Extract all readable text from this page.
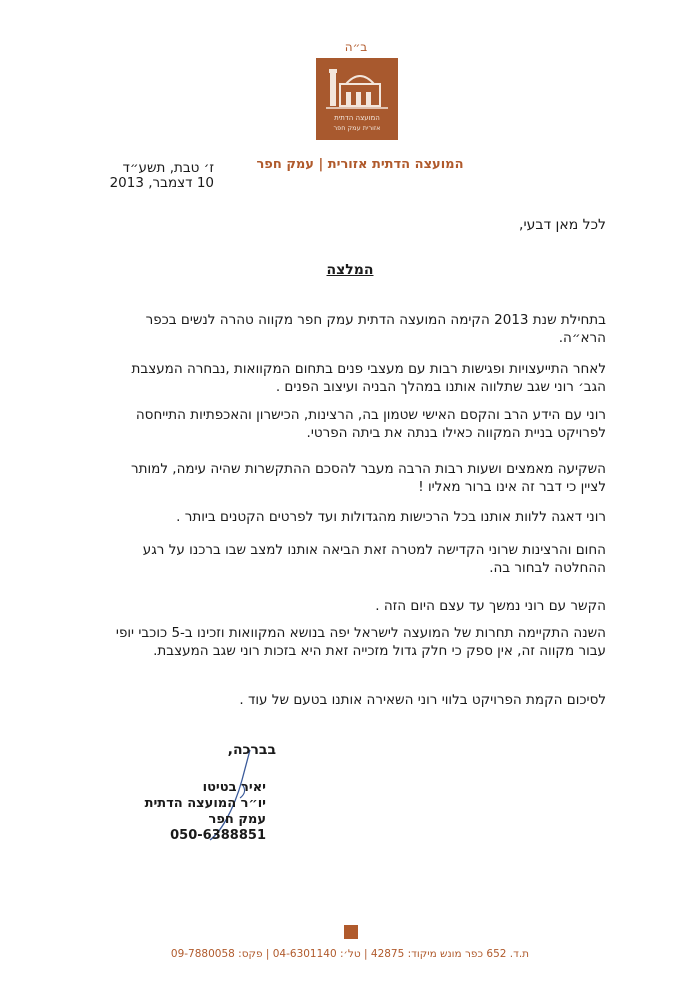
ב״ה
המועצה הדתית
אזורית עמק חפר
המועצה הדתית אזורית | עמק חפר
ז׳ טבת, תשע״ד
10 דצמבר, 2013
לכל מאן דבעי,
המלצה
בתחילת שנת 2013 הקימה המועצה הדתית עמק חפר מקווה טהרה לנשים בכפר הרא״ה.
לאחר התייעצויות ופגישות רבות עם מעצבי פנים בתחום המקוואות ,נבחרה המעצבת הגב׳ רוני שגב שתלווה אותנו במהלך הבניה ועיצוב הפנים .
רוני עם הידע הרב והקסם האישי שטמון בה, הרצינות, הכישרון והאכפתיות התייחסה לפרויקט בניית המקווה כאילו בנתה את ביתה הפרטי.
השקיעה מאמצים ושעות רבות הרבה מעבר להסכם ההתקשרות שהיה עימה, למותר לציין כי דבר זה אינו ברור מאליו !
רוני דאגה ללוות אותנו בכל הרכישות מהגדולות ועד לפרטים הקטנים ביותר .
החום והרצינות שרוני הקדישה למטרה זאת הביאה אותנו למצב שבו ברכנו על רגע ההחלטה לבחור בה.
הקשר עם רוני נמשך עד עצם היום הזה .
השנה התקיימה תחרות של המועצה לישראל יפה בנושא המקוואות וזכינו ב-5 כוכבי יופי עבור מקווה זה, אין ספק כי חלק גדול מזכייה זאת היא בזכות רוני שגב המעצבת.
לסיכום הקמת הפרויקט בלווי רוני השאירה אותנו בטעם של עוד .
בברכה,
יאיר בטיטו
יו״ר המועצה הדתית
עמק חפר
050-6388851
ת.ד. 652 כפר מונש מיקוד: 42875 | טל׳: 04-6301140 | פקס: 09-7880058
